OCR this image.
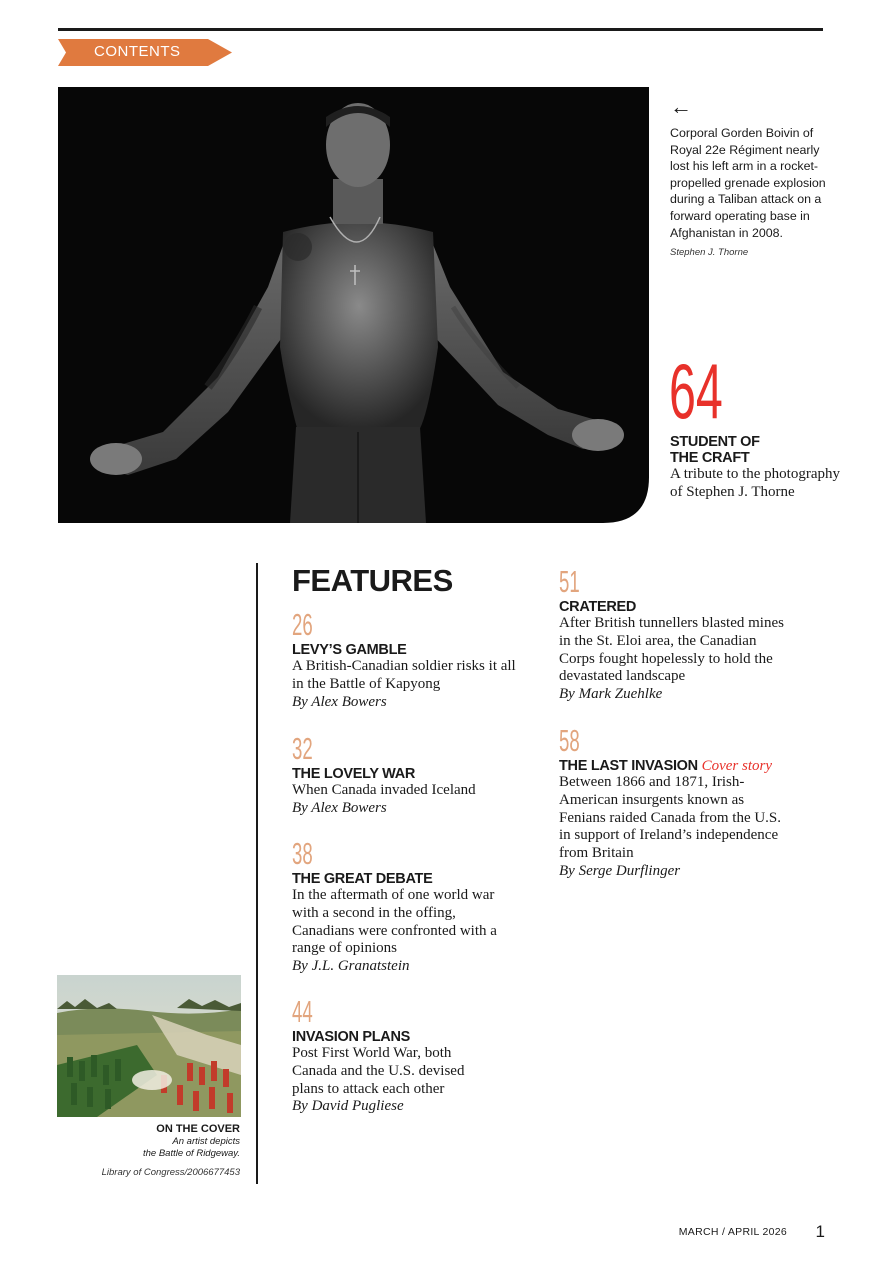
CONTENTS
←
Corporal Gorden Boivin of Royal 22e Régiment nearly lost his left arm in a rocket-propelled grenade explosion during a Taliban attack on a forward operating base in Afghanistan in 2008.
Stephen J. Thorne
64
STUDENT OF
THE CRAFT
A tribute to the photography of Stephen J. Thorne
FEATURES
26
LEVY’S GAMBLE
A British-Canadian soldier risks it all in the Battle of Kapyong
By Alex Bowers
32
THE LOVELY WAR
When Canada invaded Iceland
By Alex Bowers
38
THE GREAT DEBATE
In the aftermath of one world war with a second in the offing, Canadians were confronted with a range of opinions
By J.L. Granatstein
44
INVASION PLANS
Post First World War, both Canada and the U.S. devised plans to attack each other
By David Pugliese
51
CRATERED
After British tunnellers blasted mines in the St. Eloi area, the Canadian Corps fought hopelessly to hold the devastated landscape
By Mark Zuehlke
58
THE LAST INVASION Cover story
Between 1866 and 1871, Irish-American insurgents known as Fenians raided Canada from the U.S. in support of Ireland’s independence from Britain
By Serge Durflinger
ON THE COVER
An artist depicts
the Battle of Ridgeway.
Library of Congress/2006677453
MARCH / APRIL 2026 1
